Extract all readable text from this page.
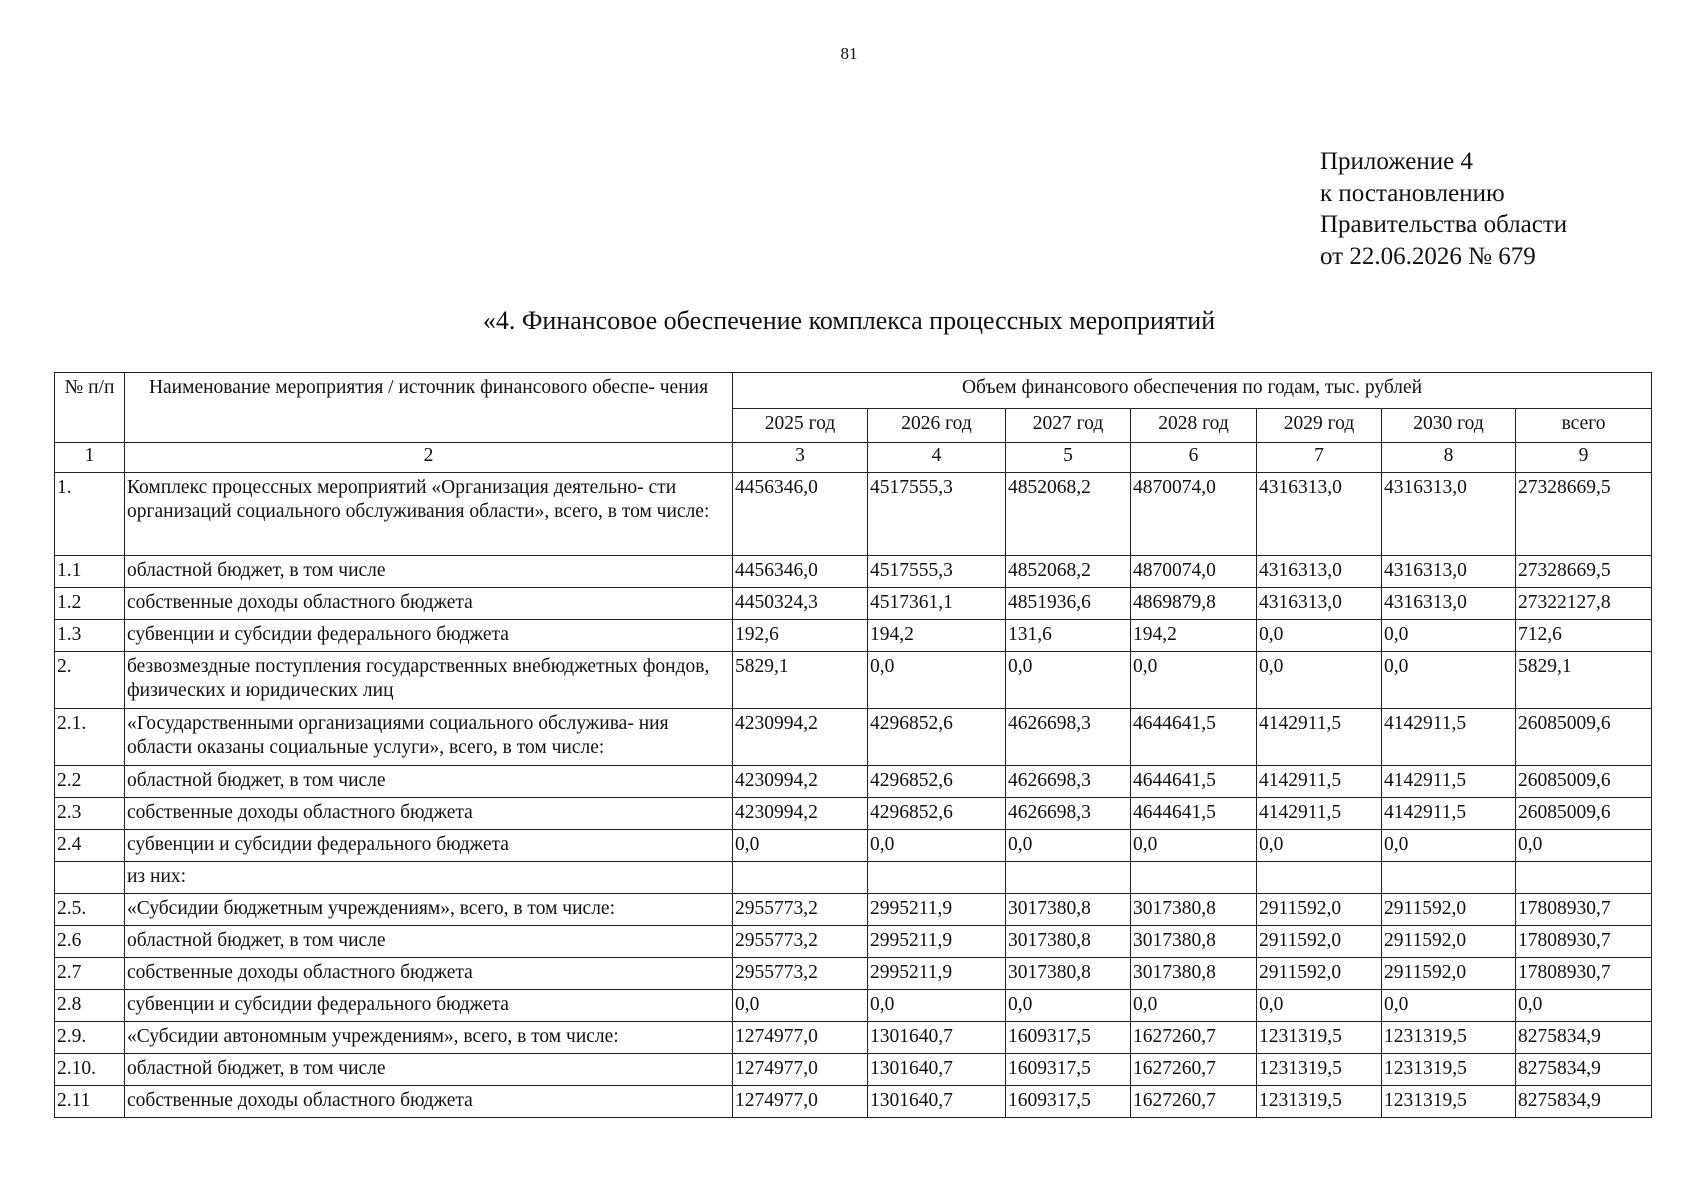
81
Приложение 4
к постановлению
Правительства области
от 22.06.2026 № 679
«4. Финансовое обеспечение комплекса процессных мероприятий
№ п/п	Наименование мероприятия / источник финансового обеспе- чения	Объем финансового обеспечения по годам, тыс. рублей						
		2025 год	2026 год	2027 год	2028 год	2029 год	2030 год	всего
1	2	3	4	5	6	7	8	9
1.	Комплекс процессных мероприятий «Организация деятельно- сти организаций социального обслуживания области», всего, в том числе:	4456346,0	4517555,3	4852068,2	4870074,0	4316313,0	4316313,0	27328669,5
1.1	областной бюджет, в том числе	4456346,0	4517555,3	4852068,2	4870074,0	4316313,0	4316313,0	27328669,5
1.2	собственные доходы областного бюджета	4450324,3	4517361,1	4851936,6	4869879,8	4316313,0	4316313,0	27322127,8
1.3	субвенции и субсидии федерального бюджета	192,6	194,2	131,6	194,2	0,0	0,0	712,6
2.	безвозмездные поступления государственных внебюджетных фондов, физических и юридических лиц	5829,1	0,0	0,0	0,0	0,0	0,0	5829,1
2.1.	«Государственными организациями социального обслужива- ния области оказаны социальные услуги», всего, в том числе:	4230994,2	4296852,6	4626698,3	4644641,5	4142911,5	4142911,5	26085009,6
2.2	областной бюджет, в том числе	4230994,2	4296852,6	4626698,3	4644641,5	4142911,5	4142911,5	26085009,6
2.3	собственные доходы областного бюджета	4230994,2	4296852,6	4626698,3	4644641,5	4142911,5	4142911,5	26085009,6
2.4	субвенции и субсидии федерального бюджета	0,0	0,0	0,0	0,0	0,0	0,0	0,0
	из них:							
2.5.	«Субсидии бюджетным учреждениям», всего, в том числе:	2955773,2	2995211,9	3017380,8	3017380,8	2911592,0	2911592,0	17808930,7
2.6	областной бюджет, в том числе	2955773,2	2995211,9	3017380,8	3017380,8	2911592,0	2911592,0	17808930,7
2.7	собственные доходы областного бюджета	2955773,2	2995211,9	3017380,8	3017380,8	2911592,0	2911592,0	17808930,7
2.8	субвенции и субсидии федерального бюджета	0,0	0,0	0,0	0,0	0,0	0,0	0,0
2.9.	«Субсидии автономным учреждениям», всего, в том числе:	1274977,0	1301640,7	1609317,5	1627260,7	1231319,5	1231319,5	8275834,9
2.10.	областной бюджет, в том числе	1274977,0	1301640,7	1609317,5	1627260,7	1231319,5	1231319,5	8275834,9
2.11	собственные доходы областного бюджета	1274977,0	1301640,7	1609317,5	1627260,7	1231319,5	1231319,5	8275834,9
